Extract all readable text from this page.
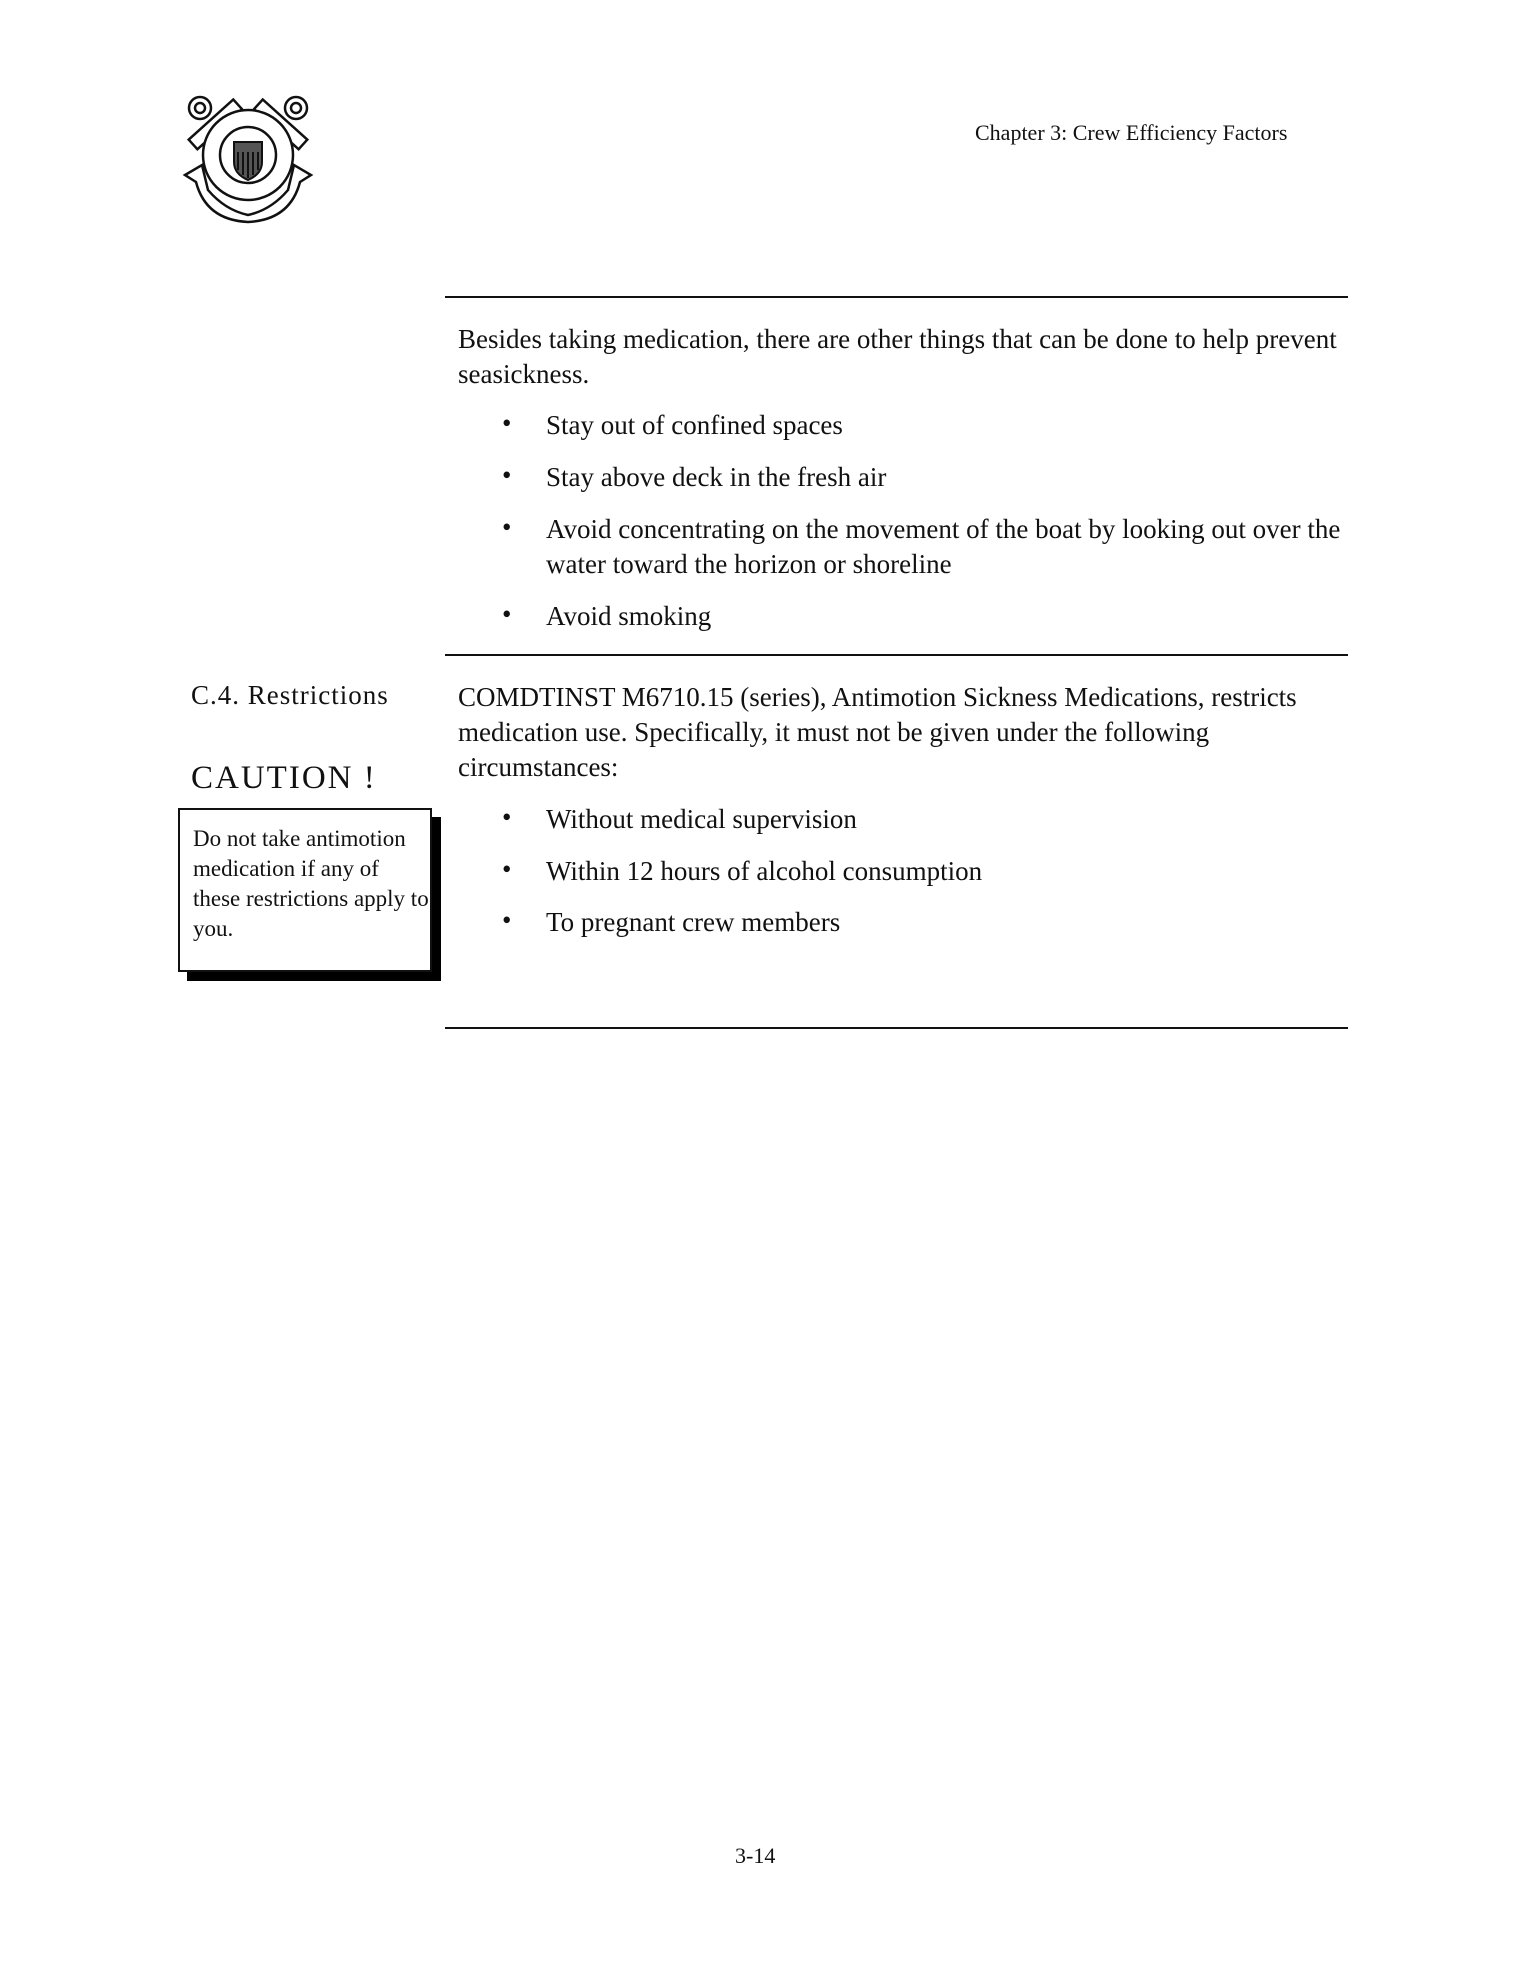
Chapter 3: Crew Efficiency Factors
Besides taking medication, there are other things that can be done to help prevent seasickness.
• Stay out of confined spaces
• Stay above deck in the fresh air
• Avoid concentrating on the movement of the boat by looking out over the water toward the horizon or shoreline
• Avoid smoking
C.4. Restrictions
CAUTION !

Do not take antimotion medication if any of these restrictions apply to you.

COMDTINST M6710.15 (series), Antimotion Sickness Medications, restricts medication use. Specifically, it must not be given under the following circumstances:
• Without medical supervision
• Within 12 hours of alcohol consumption
• To pregnant crew members
3-14
